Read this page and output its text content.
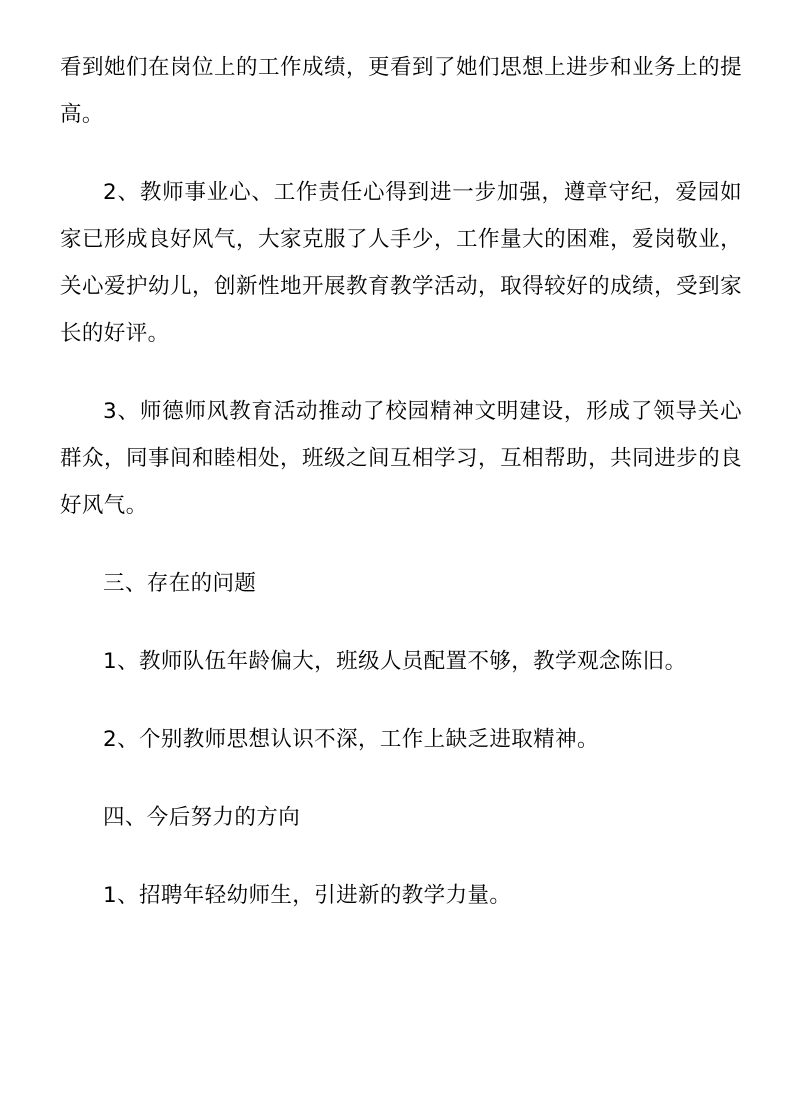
看到她们在岗位上的工作成绩，更看到了她们思想上进步和业务上的提高。

2、教师事业心、工作责任心得到进一步加强，遵章守纪，爱园如家已形成良好风气，大家克服了人手少，工作量大的困难，爱岗敬业，关心爱护幼儿，创新性地开展教育教学活动，取得较好的成绩，受到家长的好评。

3、师德师风教育活动推动了校园精神文明建设，形成了领导关心群众，同事间和睦相处，班级之间互相学习，互相帮助，共同进步的良好风气。

三、存在的问题

1、教师队伍年龄偏大，班级人员配置不够，教学观念陈旧。

2、个别教师思想认识不深，工作上缺乏进取精神。

四、今后努力的方向

1、招聘年轻幼师生，引进新的教学力量。
